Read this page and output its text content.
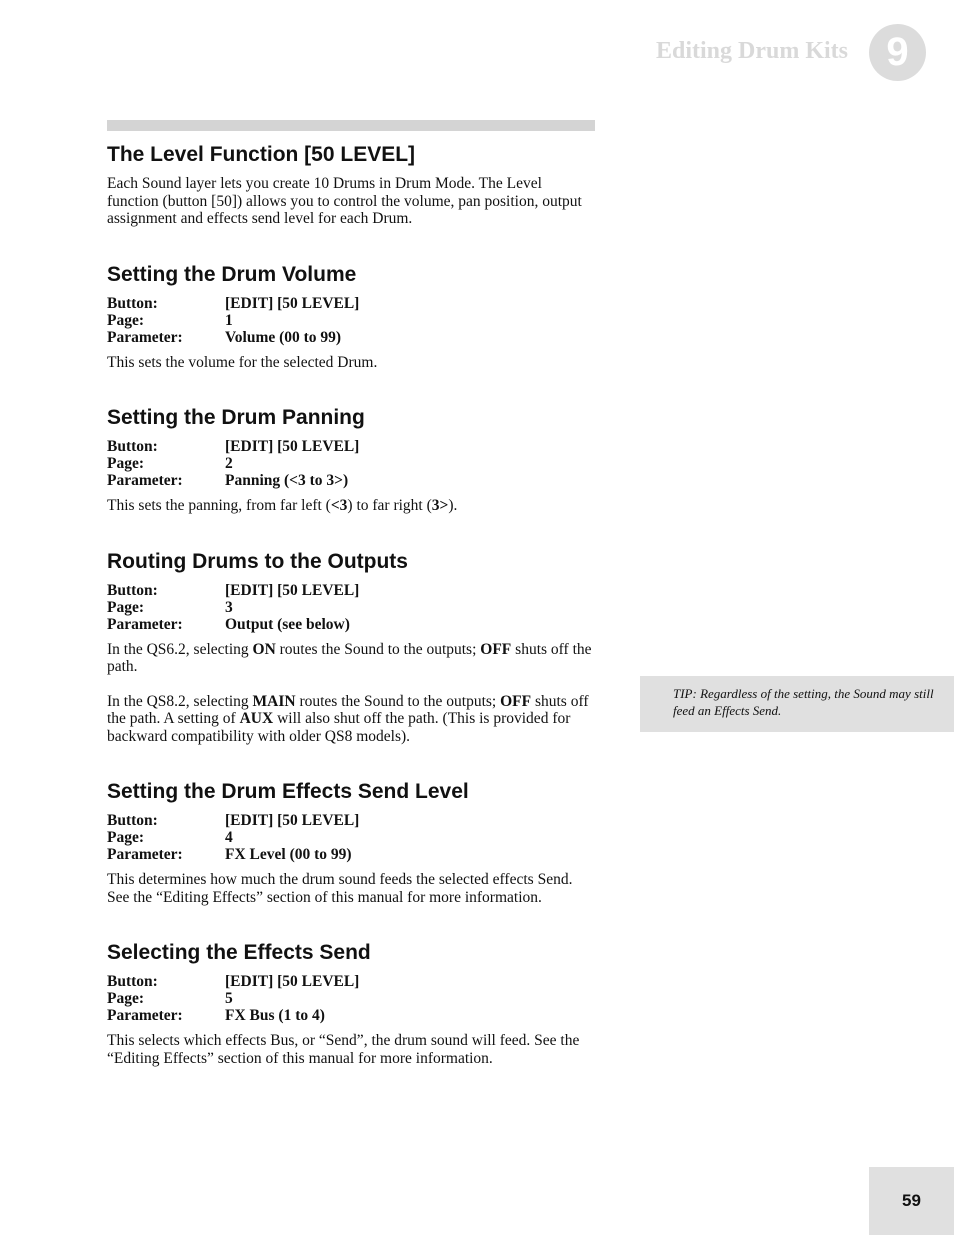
Editing Drum Kits 9
The Level Function [50 LEVEL]

Each Sound layer lets you create 10 Drums in Drum Mode. The Level function (button [50]) allows you to control the volume, pan position, output assignment and effects send level for each Drum.

Setting the Drum Volume
Button:	[EDIT] [50 LEVEL]
Page:	1
Parameter:	Volume (00 to 99)

This sets the volume for the selected Drum.

Setting the Drum Panning
Button:	[EDIT] [50 LEVEL]
Page:	2
Parameter:	Panning (<3 to 3>)

This sets the panning, from far left (<3) to far right (3>).

Routing Drums to the Outputs
Button:	[EDIT] [50 LEVEL]
Page:	3
Parameter:	Output (see below)

In the QS6.2, selecting ON routes the Sound to the outputs; OFF shuts off the path.

In the QS8.2, selecting MAIN routes the Sound to the outputs; OFF shuts off the path. A setting of AUX will also shut off the path. (This is provided for backward compatibility with older QS8 models).

Setting the Drum Effects Send Level
Button:	[EDIT] [50 LEVEL]
Page:	4
Parameter:	FX Level (00 to 99)

This determines how much the drum sound feeds the selected effects Send. See the “Editing Effects” section of this manual for more information.

Selecting the Effects Send
Button:	[EDIT] [50 LEVEL]
Page:	5
Parameter:	FX Bus (1 to 4)

This selects which effects Bus, or “Send”, the drum sound will feed. See the “Editing Effects” section of this manual for more information.

TIP: Regardless of the setting, the Sound may still feed an Effects Send.
59
